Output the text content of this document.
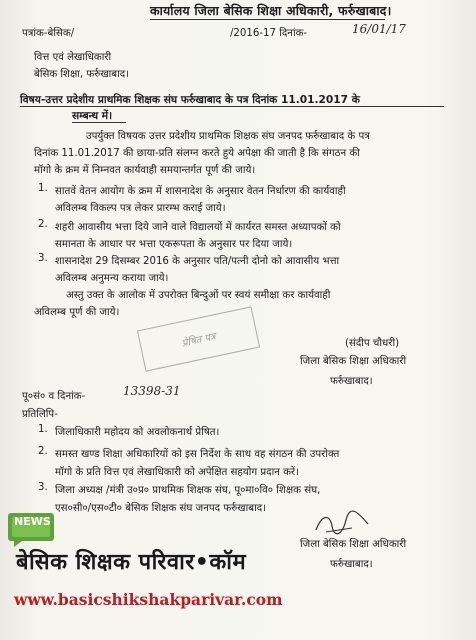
कार्यालय जिला बेसिक शिक्षा अधिकारी, फर्रुखाबाद।
पत्रांक-बेसिक/	/2016-17 दिनांक-	16/01/17
वित्त एवं लेखाधिकारी
बेसिक शिक्षा, फर्रुखाबाद।
विषय-उत्तर प्रदेशीय प्राथमिक शिक्षक संघ फर्रुखाबाद के पत्र दिनांक 11.01.2017 के
सम्बन्ध में।
उपर्युक्त विषयक उत्तर प्रदेशीय प्राथमिक शिक्षक संघ जनपद फर्रुखाबाद के पत्र
दिनांक 11.01.2017 की छाया-प्रति संलग्न करते हुये अपेक्षा की जाती है कि संगठन की
मॉगो के क्रम में निम्नवत कार्यवाही समयान्तर्गत पूर्ण की जाये।
1. सातवें वेतन आयोग के क्रम में शासनादेश के अनुसार वेतन निर्धारण की कार्यवाही
अविलम्ब विकल्प पत्र लेकर प्रारम्भ कराई जाये।
2. शहरी आवासीय भत्ता दिये जाने वाले विद्यालयों में कार्यरत समस्त अध्यापकों को
समानता के आधार पर भत्ता एकरूपता के अनुसार पर दिया जाये।
3. शासनादेश 29 दिसम्बर 2016 के अनुसार पति/पत्नी दोनो को आवासीय भत्ता
अविलम्ब अनुमन्य कराया जाये।
अस्तु उक्त के आलोक में उपरोक्त बिन्दुओं पर स्वयं समीक्षा कर कार्यवाही
अविलम्ब पूर्ण की जाये।
प्रेषित पत्र	(संदीप चौधरी)
जिला बेसिक शिक्षा अधिकारी
फर्रुखाबाद।
पू०सं० व दिनांक-	13398-31
प्रतिलिपि-
1. जिलाधिकारी महोदय को अवलोकनार्थ प्रेषित।
2. समस्त खण्ड शिक्षा अधिकारियों को इस निर्देश के साथ वह संगठन की उपरोक्त
मॉगो के प्रति वित्त एवं लेखाधिकारी को अपेक्षित सहयोग प्रदान करें।
3. जिला अध्यक्ष /मंत्री उ०प्र० प्राथमिक शिक्षक संघ, पू०मा०वि० शिक्षक संघ,
एस०सी०/एस०टी० बेसिक शिक्षक संघ जनपद फर्रुखाबाद।
जिला बेसिक शिक्षा अधिकारी
फर्रुखाबाद।
NEWS
बेसिक शिक्षक परिवार•कॉम
www.basicshikshakparivar.com
